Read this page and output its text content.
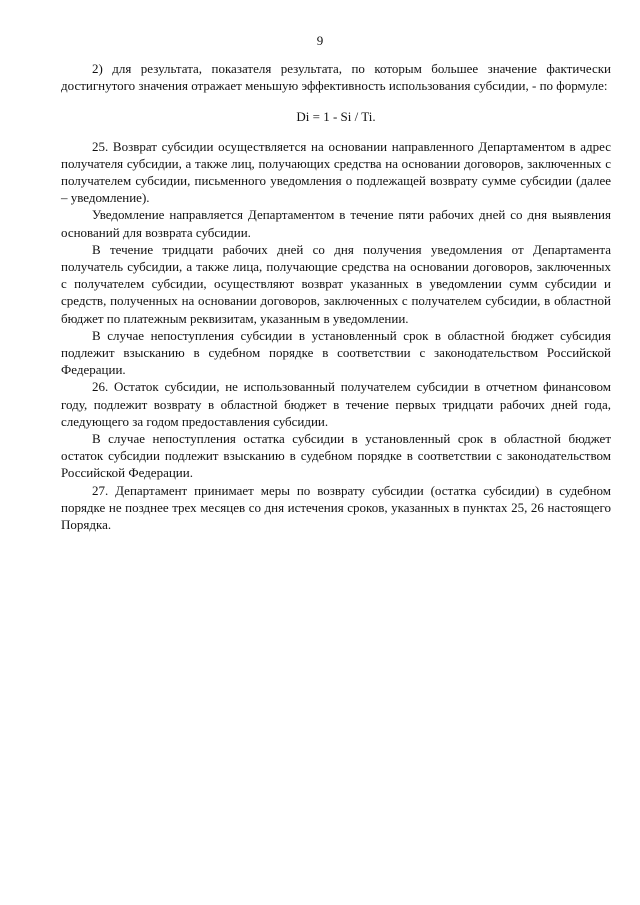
9

2) для результата, показателя результата, по которым большее значение фактически достигнутого значения отражает меньшую эффективность использования субсидии, - по формуле:

Di = 1 - Si / Ti.

25. Возврат субсидии осуществляется на основании направленного Департаментом в адрес получателя субсидии, а также лиц, получающих средства на основании договоров, заключенных с получателем субсидии, письменного уведомления о подлежащей возврату сумме субсидии (далее – уведомление).

Уведомление направляется Департаментом в течение пяти рабочих дней со дня выявления оснований для возврата субсидии.

В течение тридцати рабочих дней со дня получения уведомления от Департамента получатель субсидии, а также лица, получающие средства на основании договоров, заключенных с получателем субсидии, осуществляют возврат указанных в уведомлении сумм субсидии и средств, полученных на основании договоров, заключенных с получателем субсидии, в областной бюджет по платежным реквизитам, указанным в уведомлении.

В случае непоступления субсидии в установленный срок в областной бюджет субсидия подлежит взысканию в судебном порядке в соответствии с законодательством Российской Федерации.

26. Остаток субсидии, не использованный получателем субсидии в отчетном финансовом году, подлежит возврату в областной бюджет в течение первых тридцати рабочих дней года, следующего за годом предоставления субсидии.

В случае непоступления остатка субсидии в установленный срок в областной бюджет остаток субсидии подлежит взысканию в судебном порядке в соответствии с законодательством Российской Федерации.

27. Департамент принимает меры по возврату субсидии (остатка субсидии) в судебном порядке не позднее трех месяцев со дня истечения сроков, указанных в пунктах 25, 26 настоящего Порядка.
